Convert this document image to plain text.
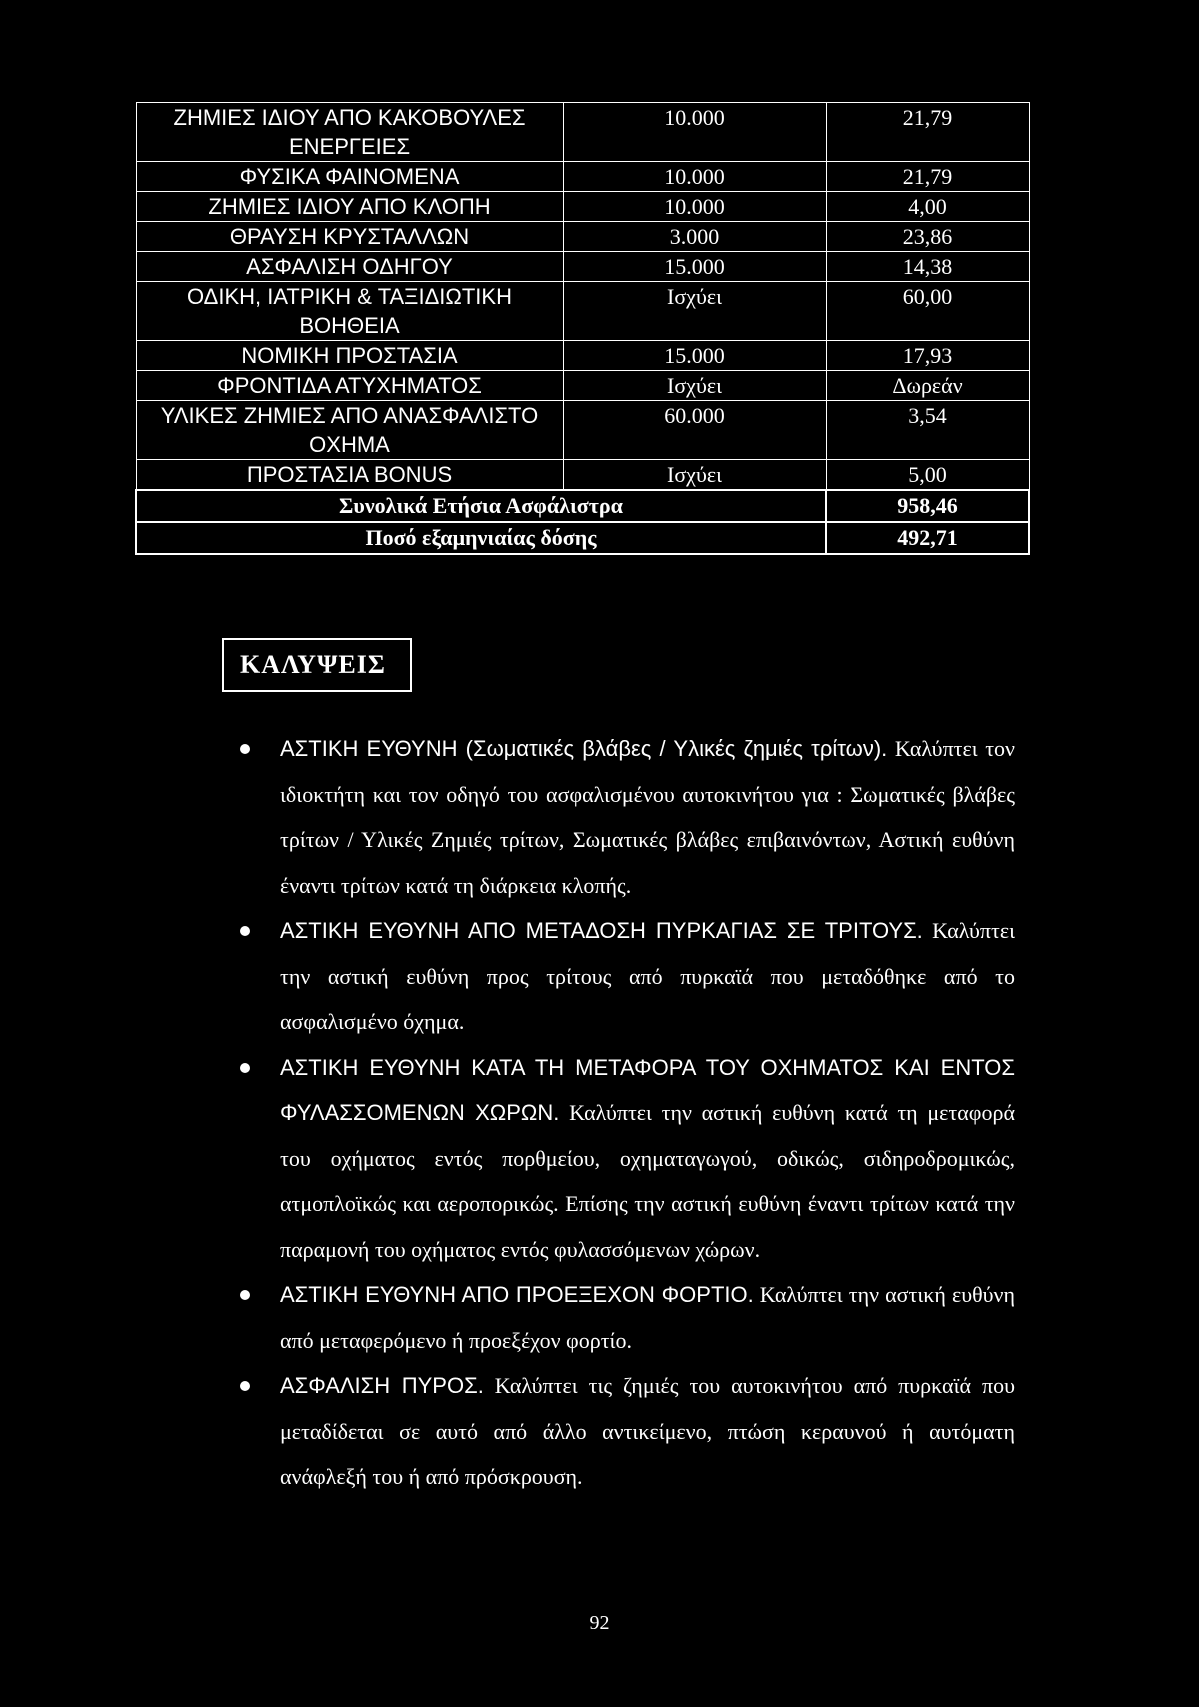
ΖΗΜΙΕΣ ΙΔΙΟΥ ΑΠΟ ΚΑΚΟΒΟΥΛΕΣ ΕΝΕΡΓΕΙΕΣ	10.000	21,79
ΦΥΣΙΚΑ ΦΑΙΝΟΜΕΝΑ	10.000	21,79
ΖΗΜΙΕΣ ΙΔΙΟΥ ΑΠΟ ΚΛΟΠΗ	10.000	4,00
ΘΡΑΥΣΗ ΚΡΥΣΤΑΛΛΩΝ	3.000	23,86
ΑΣΦΑΛΙΣΗ ΟΔΗΓΟΥ	15.000	14,38
ΟΔΙΚΗ, ΙΑΤΡΙΚΗ & ΤΑΞΙΔΙΩΤΙΚΗ ΒΟΗΘΕΙΑ	Ισχύει	60,00
ΝΟΜΙΚΗ ΠΡΟΣΤΑΣΙΑ	15.000	17,93
ΦΡΟΝΤΙΔΑ ΑΤΥΧΗΜΑΤΟΣ	Ισχύει	Δωρεάν
ΥΛΙΚΕΣ ΖΗΜΙΕΣ ΑΠΟ ΑΝΑΣΦΑΛΙΣΤΟ ΟΧΗΜΑ	60.000	3,54
ΠΡΟΣΤΑΣΙΑ BONUS	Ισχύει	5,00
Συνολικά Ετήσια Ασφάλιστρα		958,46
Ποσό εξαμηνιαίας δόσης		492,71
ΚΑΛΥΨΕΙΣ
ΑΣΤΙΚΗ ΕΥΘΥΝΗ (Σωματικές βλάβες / Υλικές ζημιές τρίτων). Καλύπτει τον ιδιοκτήτη και τον οδηγό του ασφαλισμένου αυτοκινήτου για : Σωματικές βλάβες τρίτων / Υλικές Ζημιές τρίτων, Σωματικές βλάβες επιβαινόντων, Αστική ευθύνη έναντι τρίτων κατά τη διάρκεια κλοπής.
ΑΣΤΙΚΗ ΕΥΘΥΝΗ ΑΠΟ ΜΕΤΑΔΟΣΗ ΠΥΡΚΑΓΙΑΣ ΣΕ ΤΡΙΤΟΥΣ. Καλύπτει την αστική ευθύνη προς τρίτους από πυρκαϊά που μεταδόθηκε από το ασφαλισμένο όχημα.
ΑΣΤΙΚΗ ΕΥΘΥΝΗ ΚΑΤΑ ΤΗ ΜΕΤΑΦΟΡΑ ΤΟΥ ΟΧΗΜΑΤΟΣ ΚΑΙ ΕΝΤΟΣ ΦΥΛΑΣΣΟΜΕΝΩΝ ΧΩΡΩΝ. Καλύπτει την αστική ευθύνη κατά τη μεταφορά του οχήματος εντός πορθμείου, οχηματαγωγού, οδικώς, σιδηροδρομικώς, ατμοπλοϊκώς και αεροπορικώς. Επίσης την αστική ευθύνη έναντι τρίτων κατά την παραμονή του οχήματος εντός φυλασσόμενων χώρων.
ΑΣΤΙΚΗ ΕΥΘΥΝΗ ΑΠΟ ΠΡΟΕΞΕΧΟΝ ΦΟΡΤΙΟ. Καλύπτει την αστική ευθύνη από μεταφερόμενο ή προεξέχον φορτίο.
ΑΣΦΑΛΙΣΗ ΠΥΡΟΣ. Καλύπτει τις ζημιές του αυτοκινήτου από πυρκαϊά που μεταδίδεται σε αυτό από άλλο αντικείμενο, πτώση κεραυνού ή αυτόματη ανάφλεξή του ή από πρόσκρουση.
92
